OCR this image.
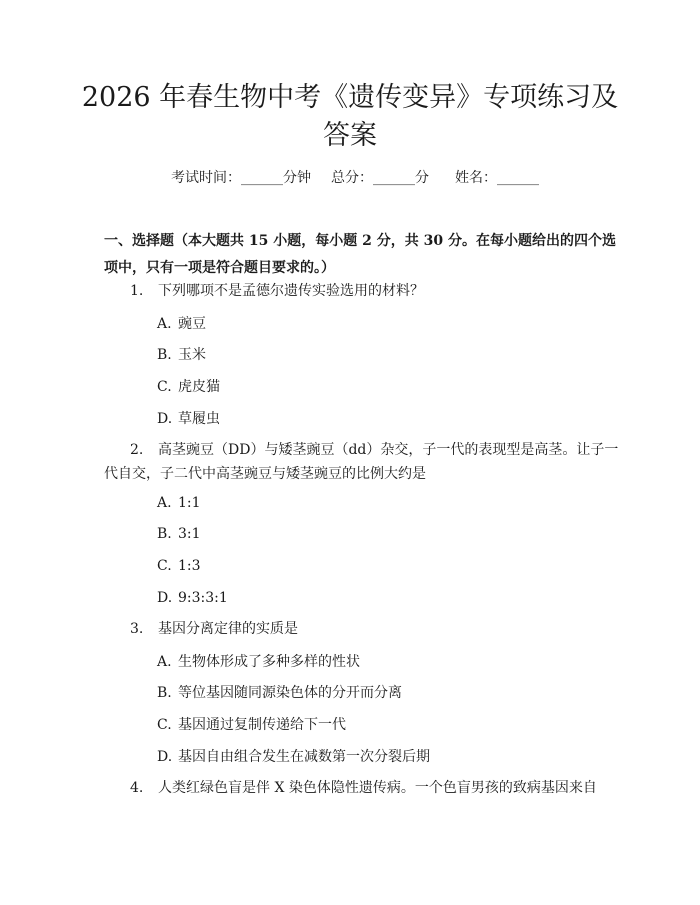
2026 年春生物中考《遗传变异》专项练习及
答案
考试时间：______分钟 总分：______分 姓名：______
一、选择题（本大题共 15 小题，每小题 2 分，共 30 分。在每小题给出的四个选
项中，只有一项是符合题目要求的。）
1. 下列哪项不是孟德尔遗传实验选用的材料？
A. 豌豆
B. 玉米
C. 虎皮猫
D. 草履虫
2. 高茎豌豆（DD）与矮茎豌豆（dd）杂交，子一代的表现型是高茎。让子一
代自交，子二代中高茎豌豆与矮茎豌豆的比例大约是
A. 1:1
B. 3:1
C. 1:3
D. 9:3:3:1
3. 基因分离定律的实质是
A. 生物体形成了多种多样的性状
B. 等位基因随同源染色体的分开而分离
C. 基因通过复制传递给下一代
D. 基因自由组合发生在减数第一次分裂后期
4. 人类红绿色盲是伴 X 染色体隐性遗传病。一个色盲男孩的致病基因来自
